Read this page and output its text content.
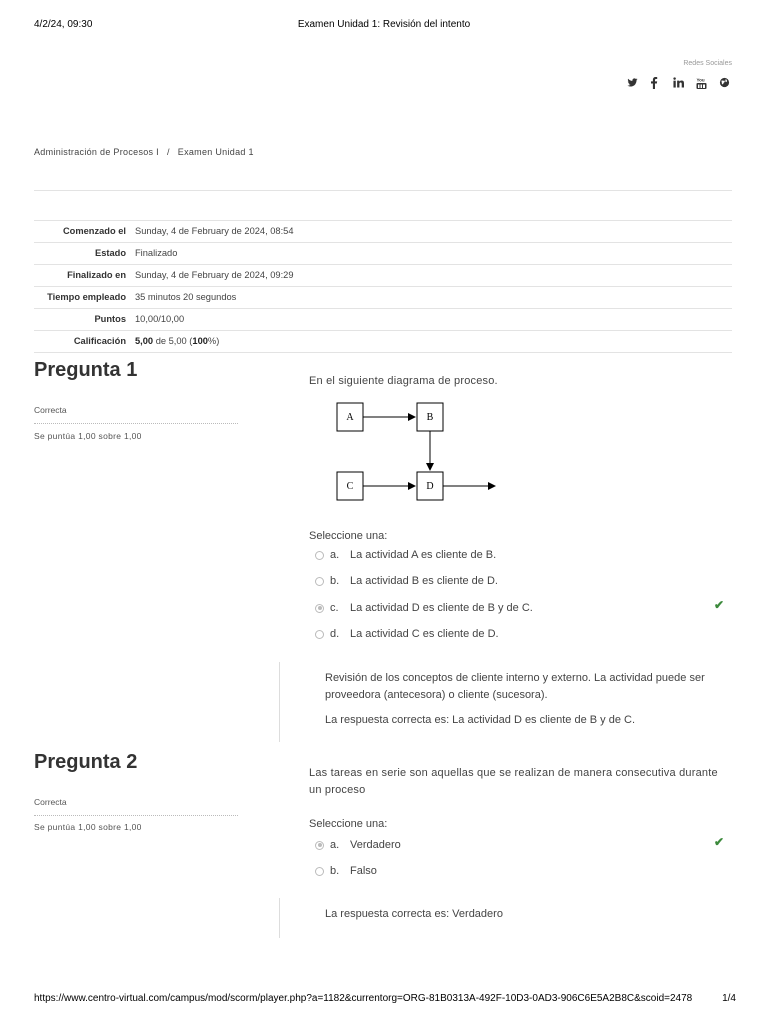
4/2/24, 09:30	Examen Unidad 1: Revisión del intento
Redes Sociales
You
Administración de Procesos I / Examen Unidad 1
Comenzado el	Sunday, 4 de February de 2024, 08:54
Estado	Finalizado
Finalizado en	Sunday, 4 de February de 2024, 09:29
Tiempo empleado	35 minutos 20 segundos
Puntos	10,00/10,00
Calificación	5,00 de 5,00 (100%)
Pregunta 1
Correcta
Se puntúa 1,00 sobre 1,00
En el siguiente diagrama de proceso.
A	B
C	D
Seleccione una:
a. La actividad A es cliente de B.
b. La actividad B es cliente de D.
c.	La actividad D es cliente de B y de C.	✔
d. La actividad C es cliente de D.

Revisión de los conceptos de cliente interno y externo. La actividad puede ser proveedora (antecesora) o cliente (sucesora).

La respuesta correcta es: La actividad D es cliente de B y de C.

Pregunta 2
Correcta
Se puntúa 1,00 sobre 1,00
Las tareas en serie son aquellas que se realizan de manera consecutiva durante un proceso
Seleccione una:
a. Verdadero	✔
b. Falso

La respuesta correcta es: Verdadero

https://www.centro-virtual.com/campus/mod/scorm/player.php?a=1182&currentorg=ORG-81B0313A-492F-10D3-0AD3-906C6E5A2B8C&scoid=2478	1/4
